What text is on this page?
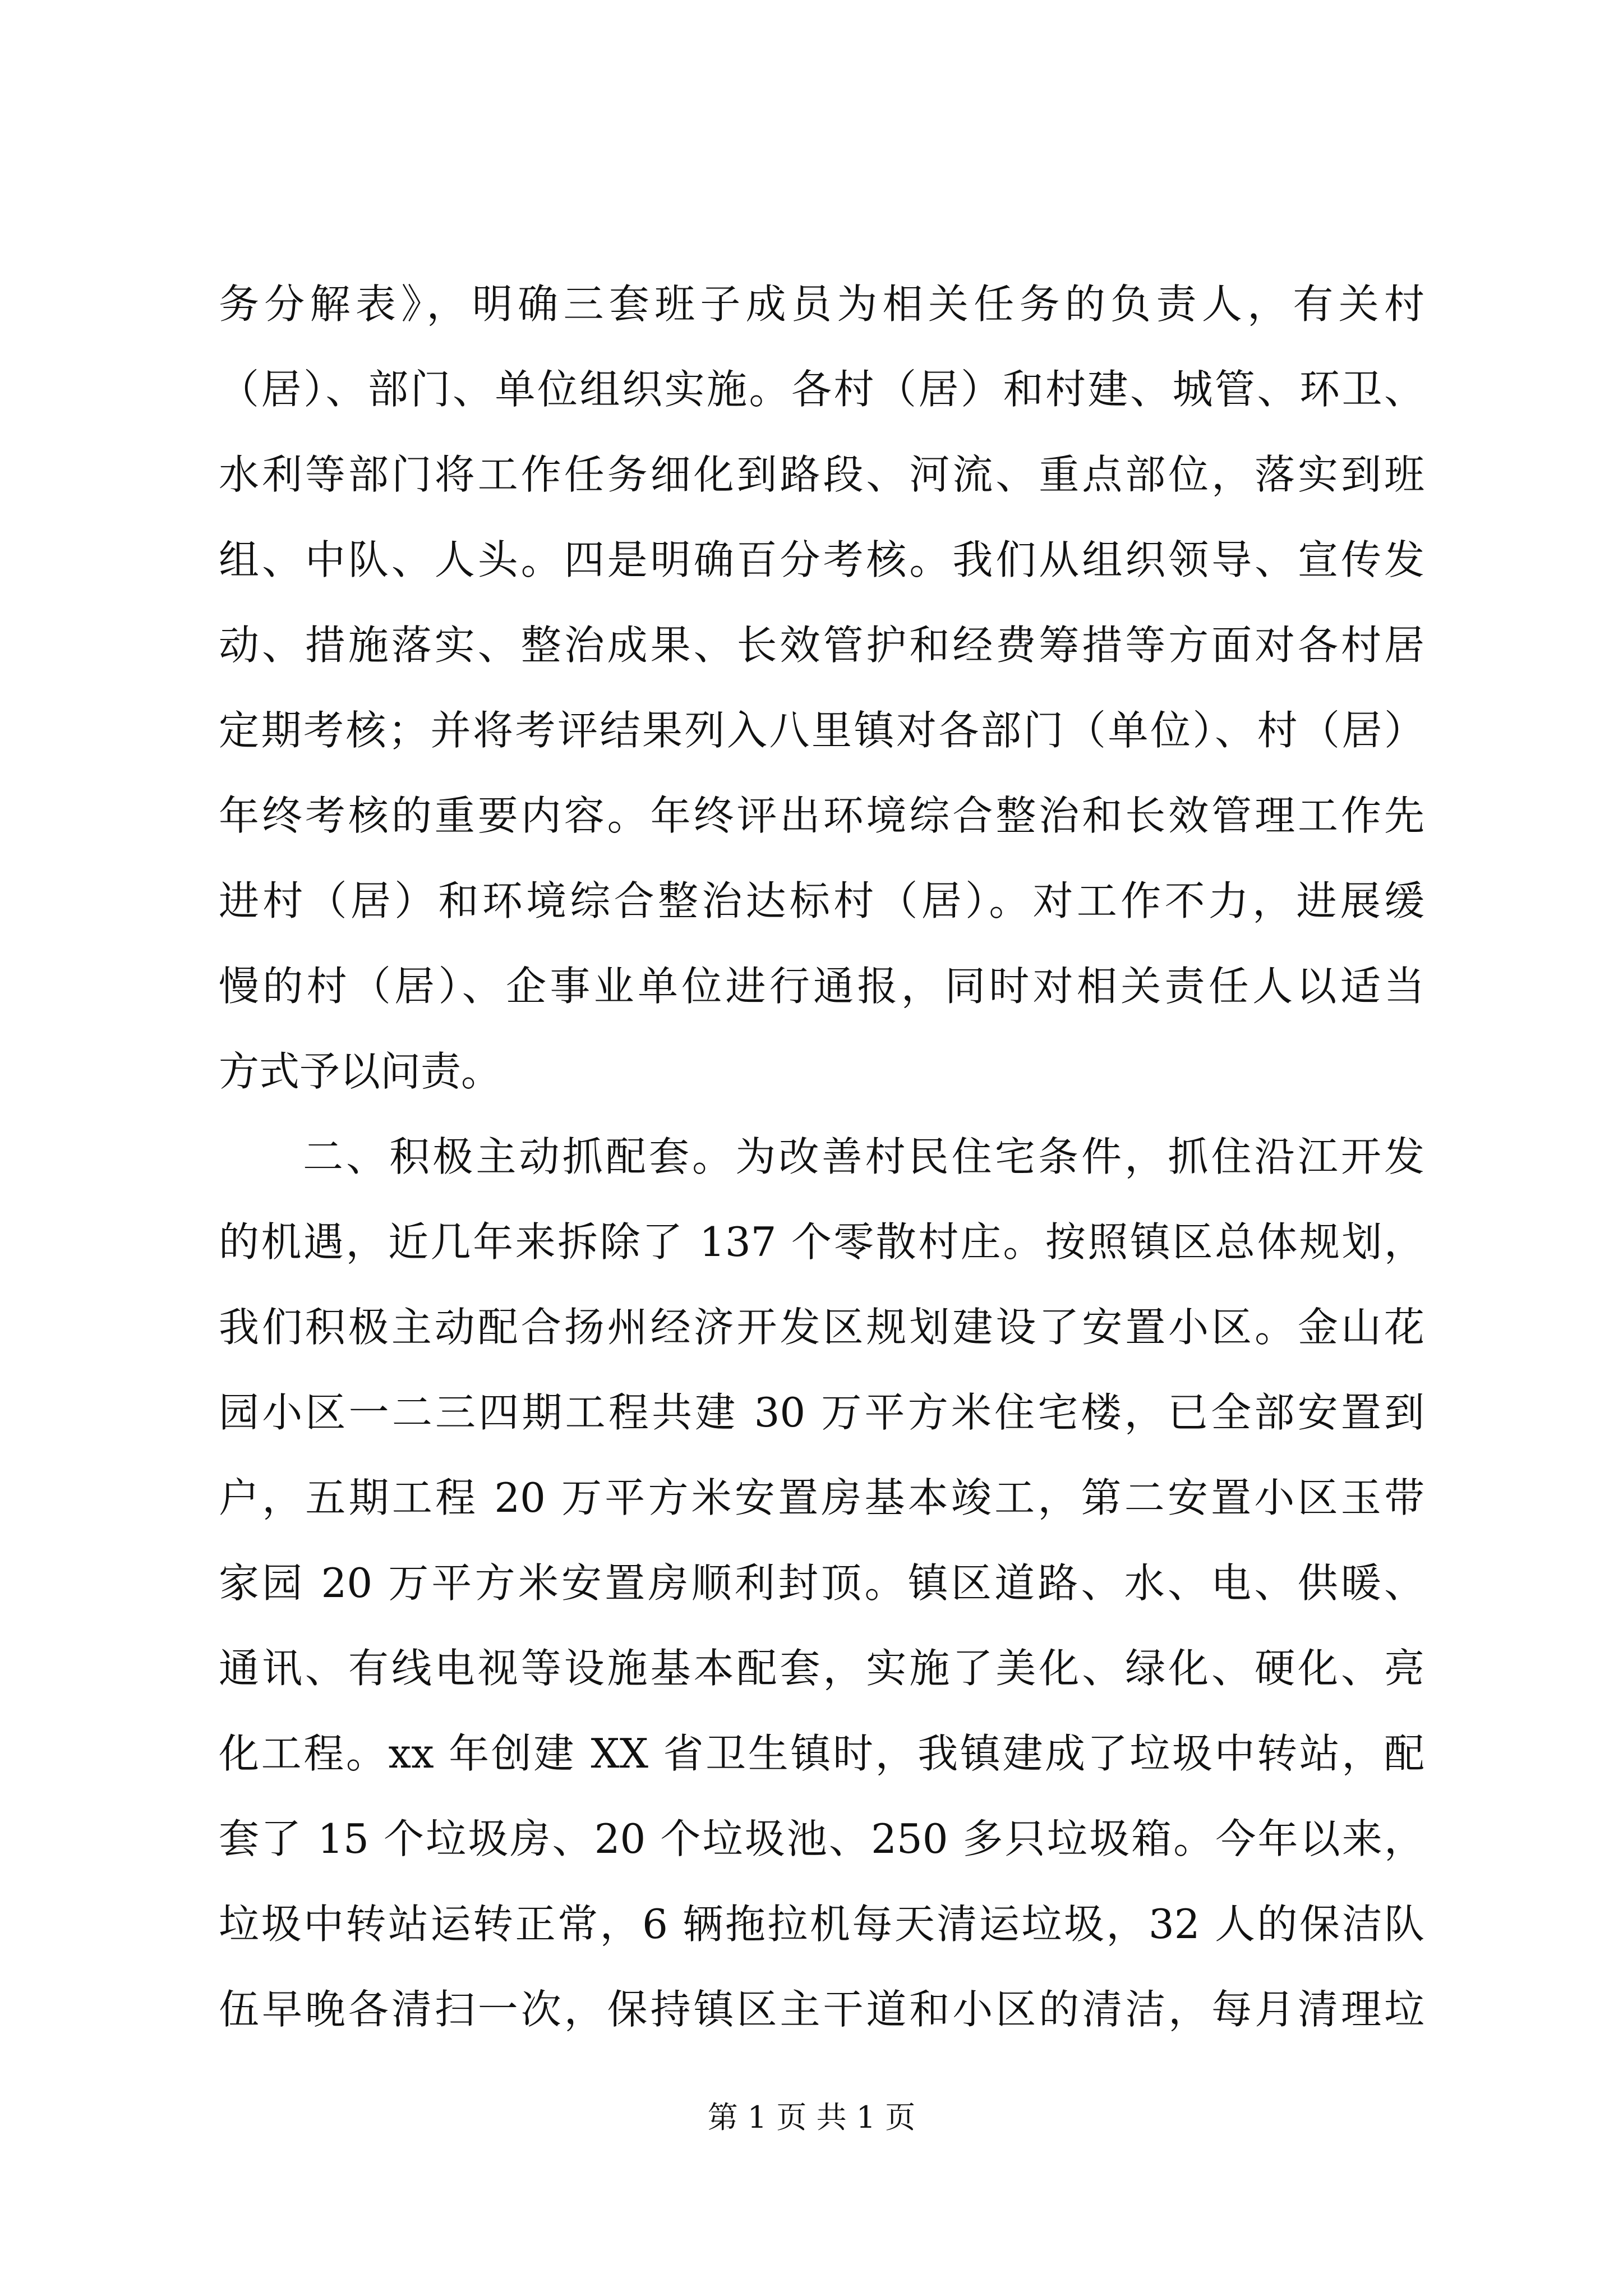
务分解表》，明确三套班子成员为相关任务的负责人，有关村
（居）、部门、单位组织实施。各村（居）和村建、城管、环卫、
水利等部门将工作任务细化到路段、河流、重点部位，落实到班
组、中队、人头。四是明确百分考核。我们从组织领导、宣传发
动、措施落实、整治成果、长效管护和经费筹措等方面对各村居
定期考核；并将考评结果列入八里镇对各部门（单位）、村（居）
年终考核的重要内容。年终评出环境综合整治和长效管理工作先
进村（居）和环境综合整治达标村（居）。对工作不力，进展缓
慢的村（居）、企事业单位进行通报，同时对相关责任人以适当
方式予以问责。
二、积极主动抓配套。为改善村民住宅条件，抓住沿江开发
的机遇，近几年来拆除了 137 个零散村庄。按照镇区总体规划，
我们积极主动配合扬州经济开发区规划建设了安置小区。金山花
园小区一二三四期工程共建 30 万平方米住宅楼，已全部安置到
户，五期工程 20 万平方米安置房基本竣工，第二安置小区玉带
家园 20 万平方米安置房顺利封顶。镇区道路、水、电、供暖、
通讯、有线电视等设施基本配套，实施了美化、绿化、硬化、亮
化工程。xx 年创建 XX 省卫生镇时，我镇建成了垃圾中转站，配
套了 15 个垃圾房、20 个垃圾池、250 多只垃圾箱。今年以来，
垃圾中转站运转正常，6 辆拖拉机每天清运垃圾，32 人的保洁队
伍早晚各清扫一次，保持镇区主干道和小区的清洁，每月清理垃
第 1 页 共 1 页
